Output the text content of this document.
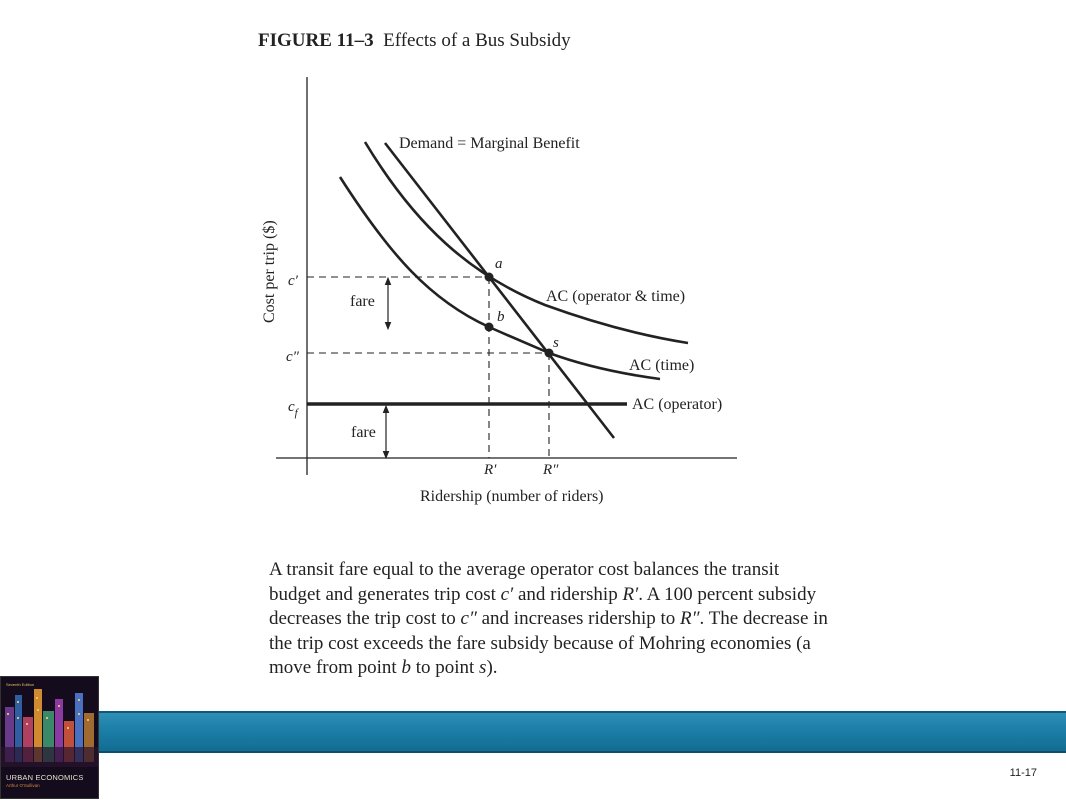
FIGURE 11–3 Effects of a Bus Subsidy
Demand = Marginal Benefit
AC (operator & time)
AC (time)
AC (operator)
a
b
s
fare
fare
c′
c″
$c_f$
R′	R″
Ridership (number of riders)
Cost per trip ($)
A transit fare equal to the average operator cost balances the transit budget and generates trip cost c′ and ridership R′. A 100 percent subsidy decreases the trip cost to c″ and increases ridership to R″. The decrease in the trip cost exceeds the fare subsidy because of Mohring economies (a move from point b to point s).
Seventh Edition
URBAN ECONOMICS
Arthur O'Sullivan
11-17
